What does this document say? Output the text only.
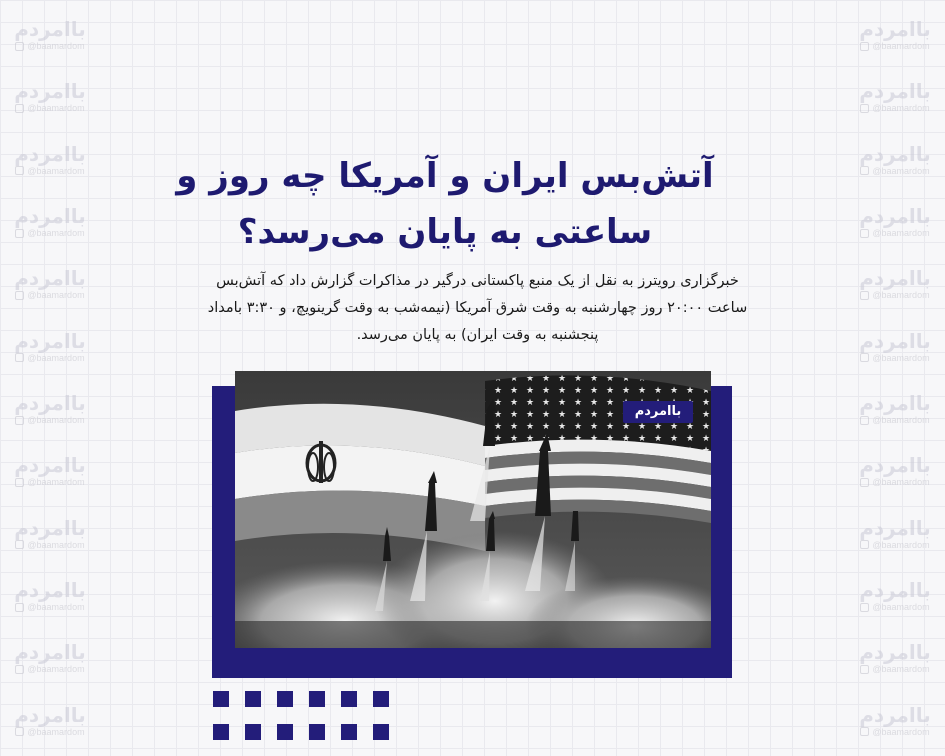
باامردم
@baamardom
باامردم
@baamardom
باامردم
@baamardom
باامردم
@baamardom
باامردم
@baamardom
باامردم
@baamardom
باامردم
@baamardom
باامردم
@baamardom
باامردم
@baamardom
باامردم
@baamardom
باامردم
@baamardom
باامردم
@baamardom
باامردم
@baamardom
باامردم
@baamardom
باامردم
@baamardom
باامردم
@baamardom
باامردم
@baamardom
باامردم
@baamardom
باامردم
@baamardom
باامردم
@baamardom
باامردم
@baamardom
باامردم
@baamardom
باامردم
@baamardom
باامردم
@baamardom
آتش‌بس ایران و آمریکا چه روز و ساعتی به پایان می‌رسد؟
خبرگزاری رویترز به نقل از یک منبع پاکستانی درگیر در مذاکرات گزارش داد که آتش‌بس ساعت ۲۰:۰۰ روز چهارشنبه به وقت شرق آمریکا (نیمه‌شب به وقت گرینویچ، و ۳:۳۰ بامداد پنجشنبه به وقت ایران) به پایان می‌رسد.
باامردم
